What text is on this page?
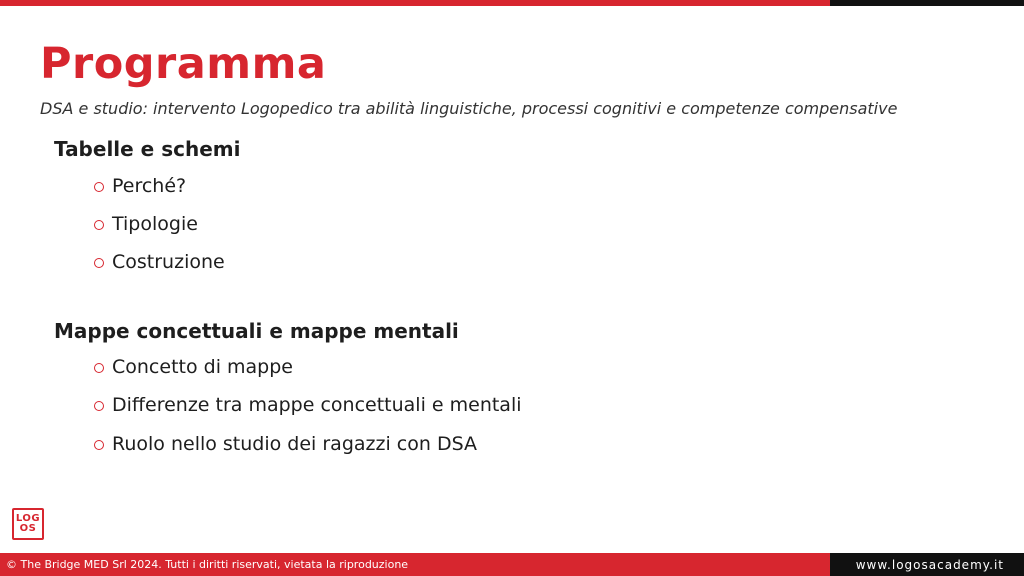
Programma
DSA e studio: intervento Logopedico tra abilità linguistiche, processi cognitivi e competenze compensative
Tabelle e schemi
Perché?
Tipologie
Costruzione
Mappe concettuali e mappe mentali
Concetto di mappe
Differenze tra mappe concettuali e mentali
Ruolo nello studio dei ragazzi con DSA
LOG
OS
© The Bridge MED Srl 2024. Tutti i diritti riservati, vietata la riproduzione	www.logosacademy.it
